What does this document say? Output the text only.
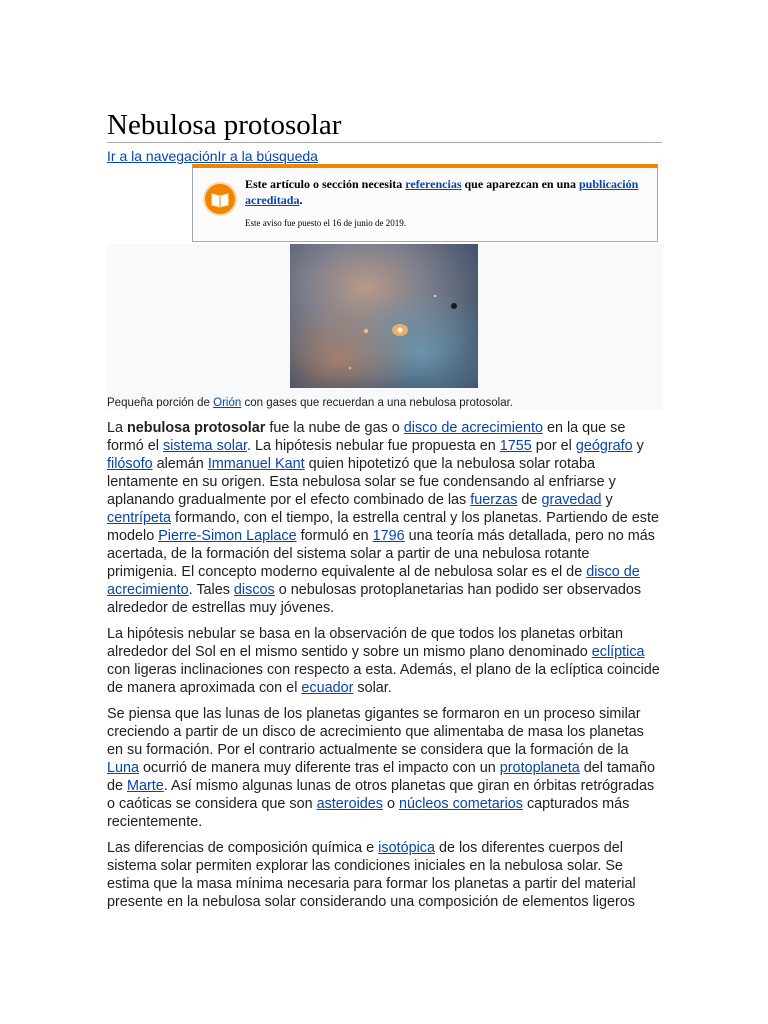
Nebulosa protosolar
Ir a la navegaciónIr a la búsqueda
Este artículo o sección necesita referencias que aparezcan en una publicación acreditada.
Este aviso fue puesto el 16 de junio de 2019.
Pequeña porción de Orión con gases que recuerdan a una nebulosa protosolar.

La nebulosa protosolar fue la nube de gas o disco de acrecimiento en la que se formó el sistema solar. La hipótesis nebular fue propuesta en 1755 por el geógrafo y filósofo alemán Immanuel Kant quien hipotetizó que la nebulosa solar rotaba lentamente en su origen. Esta nebulosa solar se fue condensando al enfriarse y aplanando gradualmente por el efecto combinado de las fuerzas de gravedad y centrípeta formando, con el tiempo, la estrella central y los planetas. Partiendo de este modelo Pierre-Simon Laplace formuló en 1796 una teoría más detallada, pero no más acertada, de la formación del sistema solar a partir de una nebulosa rotante primigenia. El concepto moderno equivalente al de nebulosa solar es el de disco de acrecimiento. Tales discos o nebulosas protoplanetarias han podido ser observados alrededor de estrellas muy jóvenes.

La hipótesis nebular se basa en la observación de que todos los planetas orbitan alrededor del Sol en el mismo sentido y sobre un mismo plano denominado eclíptica con ligeras inclinaciones con respecto a esta. Además, el plano de la eclíptica coincide de manera aproximada con el ecuador solar.

Se piensa que las lunas de los planetas gigantes se formaron en un proceso similar creciendo a partir de un disco de acrecimiento que alimentaba de masa los planetas en su formación. Por el contrario actualmente se considera que la formación de la Luna ocurrió de manera muy diferente tras el impacto con un protoplaneta del tamaño de Marte. Así mismo algunas lunas de otros planetas que giran en órbitas retrógradas o caóticas se considera que son asteroides o núcleos cometarios capturados más recientemente.

Las diferencias de composición química e isotópica de los diferentes cuerpos del sistema solar permiten explorar las condiciones iniciales en la nebulosa solar. Se estima que la masa mínima necesaria para formar los planetas a partir del material presente en la nebulosa solar considerando una composición de elementos ligeros
